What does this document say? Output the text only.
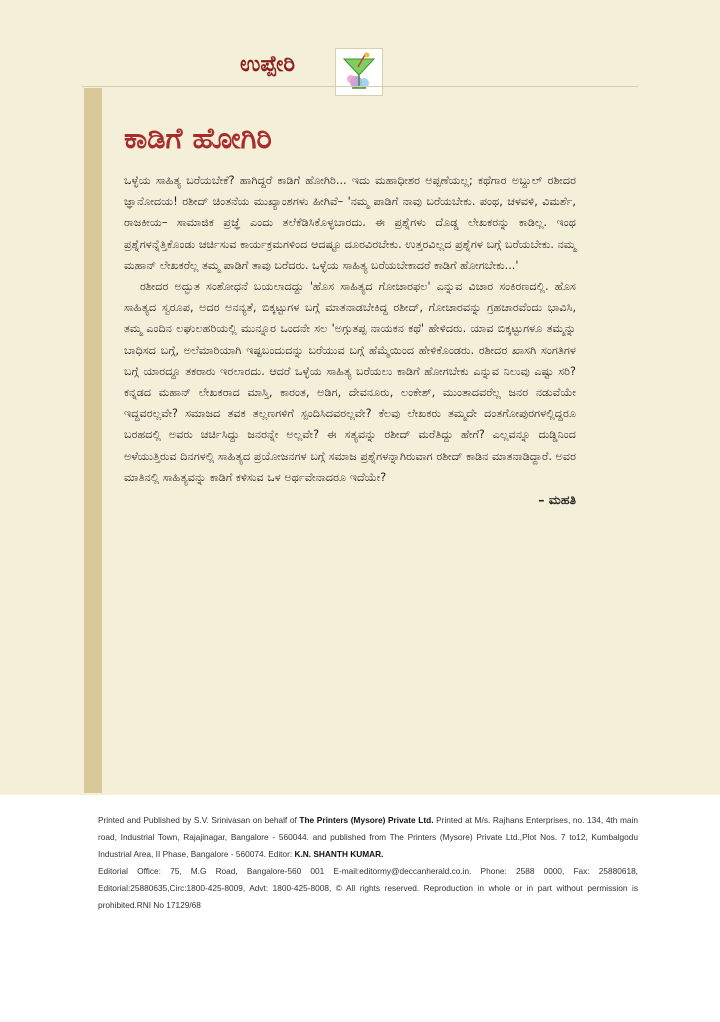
ಉಪ್ಪೇರಿ
ಕಾಡಿಗೆ ಹೋಗಿರಿ

ಒಳ್ಳೆಯ ಸಾಹಿತ್ಯ ಬರೆಯಬೇಕೆ? ಹಾಗಿದ್ದರೆ ಕಾಡಿಗೆ ಹೋಗಿರಿ... ಇದು ಮಹಾಧೀಶರ ಅಪ್ಪಣೆಯಲ್ಲ; ಕಥೆಗಾರ ಅಬ್ದುಲ್ ರಶೀದರ ಜ್ಞಾನೋದಯ! ರಶೀದ್ ಚಿಂತನೆಯ ಮುಖ್ಯಾಂಶಗಳು ಹೀಗಿವೆ– 'ನಮ್ಮ ಪಾಡಿಗೆ ನಾವು ಬರೆಯಬೇಕು. ಪಂಥ, ಚಳವಳಿ, ವಿಮರ್ಶೆ, ರಾಜಕೀಯ– ಸಾಮಾಜಿಕ ಪ್ರಜ್ಞೆ ಎಂದು ತಲೆಕೆಡಿಸಿಕೊಳ್ಳಬಾರದು. ಈ ಪ್ರಶ್ನೆಗಳು ದೊಡ್ಡ ಲೇಖಕರನ್ನು ಕಾಡಿಲ್ಲ. ಇಂಥ ಪ್ರಶ್ನೆಗಳನ್ನೆತ್ತಿಕೊಂಡು ಚರ್ಚಿಸುವ ಕಾರ್ಯಕ್ರಮಗಳಿಂದ ಆದಷ್ಟೂ ದೂರವಿರಬೇಕು. ಉತ್ತರವಿಲ್ಲದ ಪ್ರಶ್ನೆಗಳ ಬಗ್ಗೆ ಬರೆಯಬೇಕು. ನಮ್ಮ ಮಹಾನ್ ಲೇಖಕರೆಲ್ಲ ತಮ್ಮ ಪಾಡಿಗೆ ತಾವು ಬರೆದರು. ಒಳ್ಳೆಯ ಸಾಹಿತ್ಯ ಬರೆಯಬೇಕಾದರೆ ಕಾಡಿಗೆ ಹೋಗಬೇಕು...'

ರಶೀದರ ಅದ್ಭುತ ಸಂಶೋಧನೆ ಬಯಲಾದದ್ದು 'ಹೊಸ ಸಾಹಿತ್ಯದ ಗೋಚಾರಫಲ' ಎನ್ನುವ ವಿಚಾರ ಸಂಕಿರಣದಲ್ಲಿ. ಹೊಸ ಸಾಹಿತ್ಯದ ಸ್ವರೂಪ, ಅದರ ಅನನ್ಯತೆ, ಬಿಕ್ಕಟ್ಟುಗಳ ಬಗ್ಗೆ ಮಾತನಾಡಬೇಕಿದ್ದ ರಶೀದ್, ಗೋಚಾರವನ್ನು ಗ್ರಹಚಾರವೆಂದು ಭಾವಿಸಿ, ತಮ್ಮ ಎಂದಿನ ಲಘುಲಹರಿಯಲ್ಲಿ ಮುನ್ನೂರ ಒಂದನೇ ಸಲ 'ಅಗ್ಗುತಪ್ಪ ನಾಯಕನ ಕಥೆ' ಹೇಳಿದರು. ಯಾವ ಬಿಕ್ಕಟ್ಟುಗಳೂ ತಮ್ಮನ್ನು ಬಾಧಿಸದ ಬಗ್ಗೆ, ಅಲೆಮಾರಿಯಾಗಿ ಇಷ್ಟಬಂದುದನ್ನು ಬರೆಯುವ ಬಗ್ಗೆ ಹೆಮ್ಮೆಯಿಂದ ಹೇಳಿಕೊಂಡರು. ರಶೀದರ ಖಾಸಗಿ ಸಂಗತಿಗಳ ಬಗ್ಗೆ ಯಾರದ್ದೂ ತಕರಾರು ಇರಲಾರದು. ಆದರೆ ಒಳ್ಳೆಯ ಸಾಹಿತ್ಯ ಬರೆಯಲು ಕಾಡಿಗೆ ಹೋಗಬೇಕು ಎನ್ನುವ ನಿಲುವು ಎಷ್ಟು ಸರಿ? ಕನ್ನಡದ ಮಹಾನ್ ಲೇಖಕರಾದ ಮಾಸ್ತಿ, ಕಾರಂತ, ಅಡಿಗ, ದೇವನೂರು, ಲಂಕೇಶ್, ಮುಂತಾದವರೆಲ್ಲ ಜನರ ನಡುವೆಯೇ ಇದ್ದವರಲ್ಲವೇ? ಸಮಾಜದ ತವಕ ತಲ್ಲಣಗಳಿಗೆ ಸ್ಪಂದಿಸಿದವರಲ್ಲವೇ? ಕೆಲವು ಲೇಖಕರು ತಮ್ಮದೇ ದಂತಗೋಪುರಗಳಲ್ಲಿದ್ದರೂ ಬರಹದಲ್ಲಿ ಅವರು ಚರ್ಚಿಸಿದ್ದು ಜನರನ್ನೇ ಅಲ್ಲವೇ? ಈ ಸತ್ಯವನ್ನು ರಶೀದ್ ಮರೆತಿದ್ದು ಹೇಗೆ? ಎಲ್ಲವನ್ನೂ ದುಡ್ಡಿನಿಂದ ಅಳೆಯುತ್ತಿರುವ ದಿನಗಳಲ್ಲಿ ಸಾಹಿತ್ಯದ ಪ್ರಯೋಜನಗಳ ಬಗ್ಗೆ ಸಮಾಜ ಪ್ರಶ್ನೆಗಳನ್ನಾಗಿರುವಾಗ ರಶೀದ್ ಕಾಡಿನ ಮಾತನಾಡಿದ್ದಾರೆ. ಅವರ ಮಾತಿನಲ್ಲಿ ಸಾಹಿತ್ಯವನ್ನು ಕಾಡಿಗೆ ಕಳಿಸುವ ಒಳ ಅರ್ಥವೇನಾದರೂ ಇದೆಯೇ?

– ಮಹತಿ

Printed and Published by S.V. Srinivasan on behalf of The Printers (Mysore) Private Ltd. Printed at M/s. Rajhans Enterprises, no. 134, 4th main road, Industrial Town, Rajajinagar, Bangalore - 560044. and published from The Printers (Mysore) Private Ltd.,Plot Nos. 7 to12, Kumbalgodu Industrial Area, II Phase, Bangalore - 560074. Editor: K.N. SHANTH KUMAR.

Editorial Office: 75, M.G Road, Bangalore-560 001 E-mail:editormy@deccanherald.co.in. Phone: 2588 0000, Fax: 25880618, Editorial:25880635,Circ:1800-425-8009, Advt: 1800-425-8008, © All rights reserved. Reproduction in whole or in part without permission is prohibited.RNI No 17129/68
